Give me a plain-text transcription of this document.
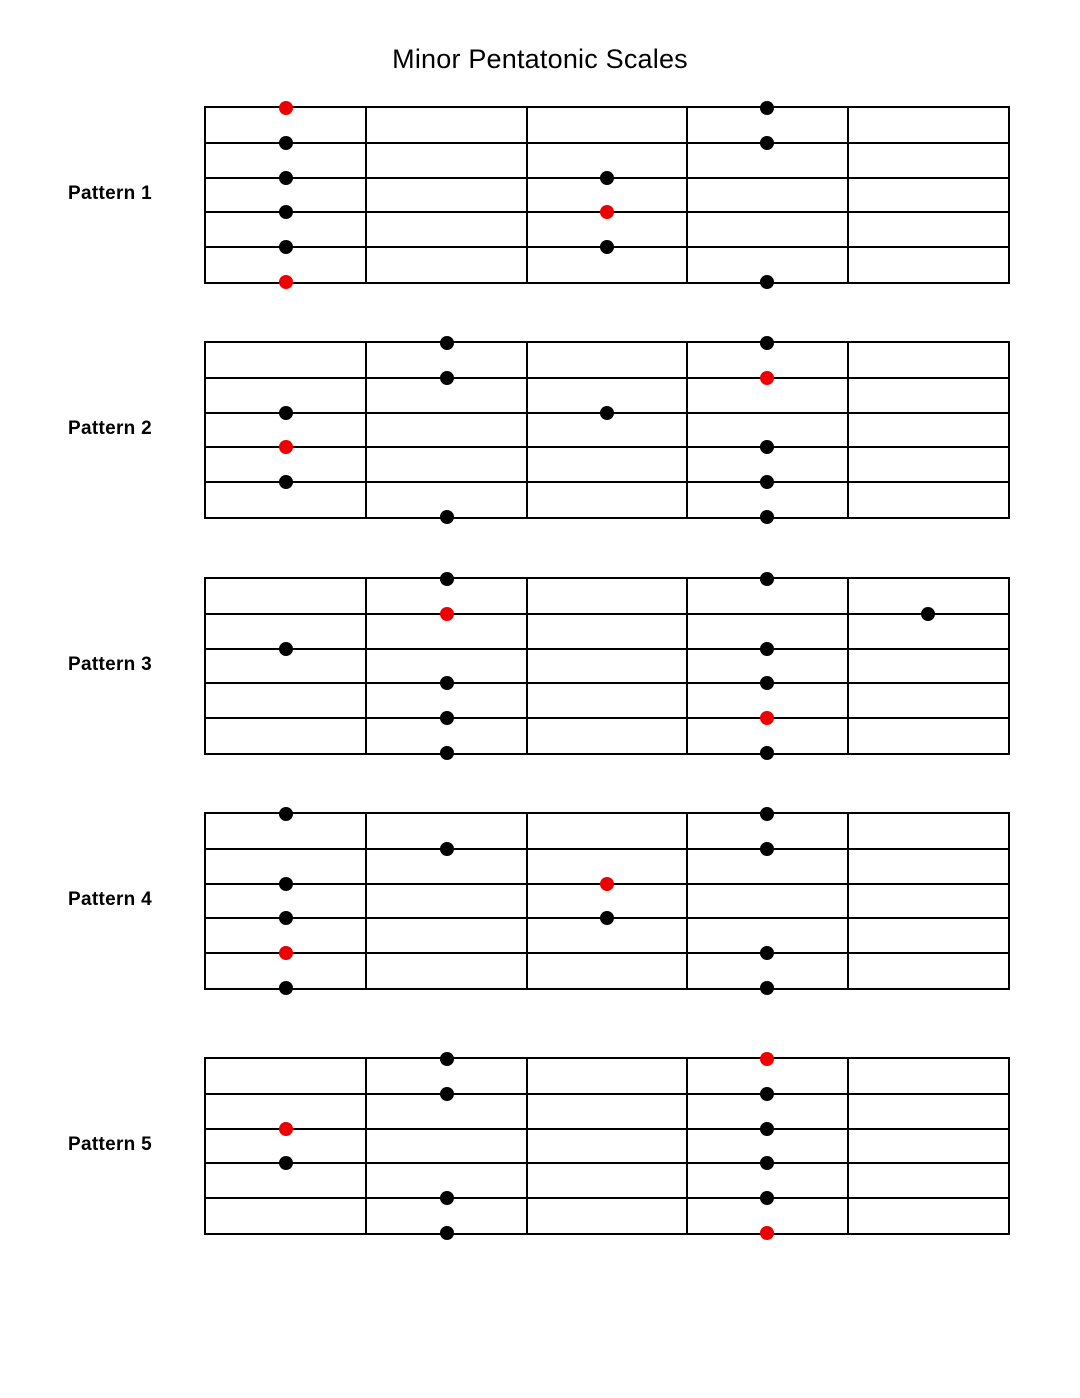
Minor Pentatonic Scales
Pattern 1
Pattern 2
Pattern 3
Pattern 4
Pattern 5
